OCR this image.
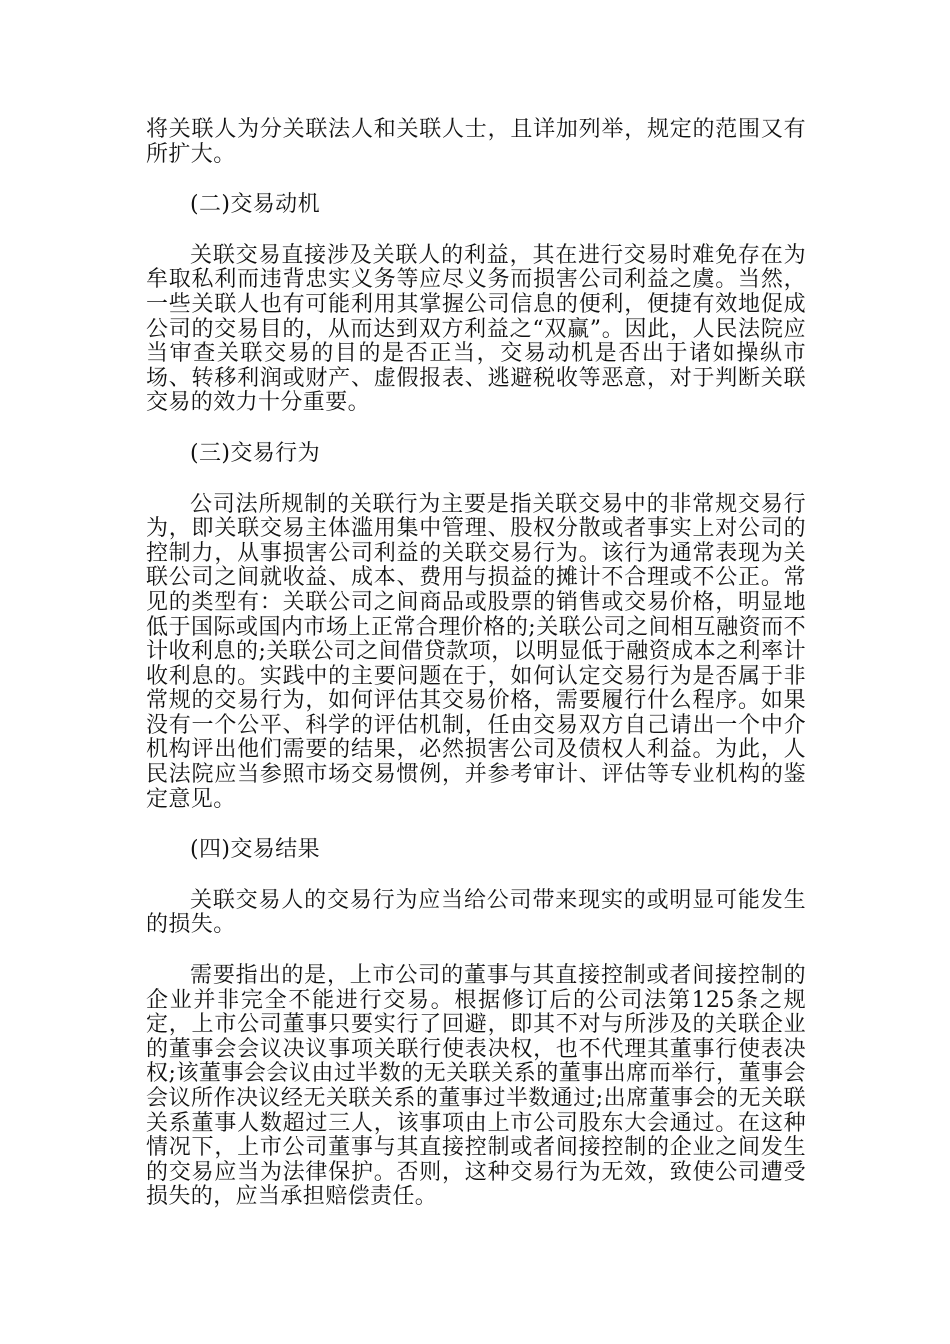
将关联人为分关联法人和关联人士，且详加列举，规定的范围又有所扩大。

(二)交易动机

关联交易直接涉及关联人的利益，其在进行交易时难免存在为牟取私利而违背忠实义务等应尽义务而损害公司利益之虞。当然，一些关联人也有可能利用其掌握公司信息的便利，便捷有效地促成公司的交易目的，从而达到双方利益之“双赢”。因此，人民法院应当审查关联交易的目的是否正当，交易动机是否出于诸如操纵市场、转移利润或财产、虚假报表、逃避税收等恶意，对于判断关联交易的效力十分重要。

(三)交易行为

公司法所规制的关联行为主要是指关联交易中的非常规交易行为，即关联交易主体滥用集中管理、股权分散或者事实上对公司的控制力，从事损害公司利益的关联交易行为。该行为通常表现为关联公司之间就收益、成本、费用与损益的摊计不合理或不公正。常见的类型有：关联公司之间商品或股票的销售或交易价格，明显地低于国际或国内市场上正常合理价格的;关联公司之间相互融资而不计收利息的;关联公司之间借贷款项，以明显低于融资成本之利率计收利息的。实践中的主要问题在于，如何认定交易行为是否属于非常规的交易行为，如何评估其交易价格，需要履行什么程序。如果没有一个公平、科学的评估机制，任由交易双方自己请出一个中介机构评出他们需要的结果，必然损害公司及债权人利益。为此，人民法院应当参照市场交易惯例，并参考审计、评估等专业机构的鉴定意见。

(四)交易结果

关联交易人的交易行为应当给公司带来现实的或明显可能发生的损失。

需要指出的是，上市公司的董事与其直接控制或者间接控制的企业并非完全不能进行交易。根据修订后的公司法第125条之规定，上市公司董事只要实行了回避，即其不对与所涉及的关联企业的董事会会议决议事项关联行使表决权，也不代理其董事行使表决权;该董事会会议由过半数的无关联关系的董事出席而举行，董事会会议所作决议经无关联关系的董事过半数通过;出席董事会的无关联关系董事人数超过三人，该事项由上市公司股东大会通过。在这种情况下，上市公司董事与其直接控制或者间接控制的企业之间发生的交易应当为法律保护。否则，这种交易行为无效，致使公司遭受损失的，应当承担赔偿责任。
